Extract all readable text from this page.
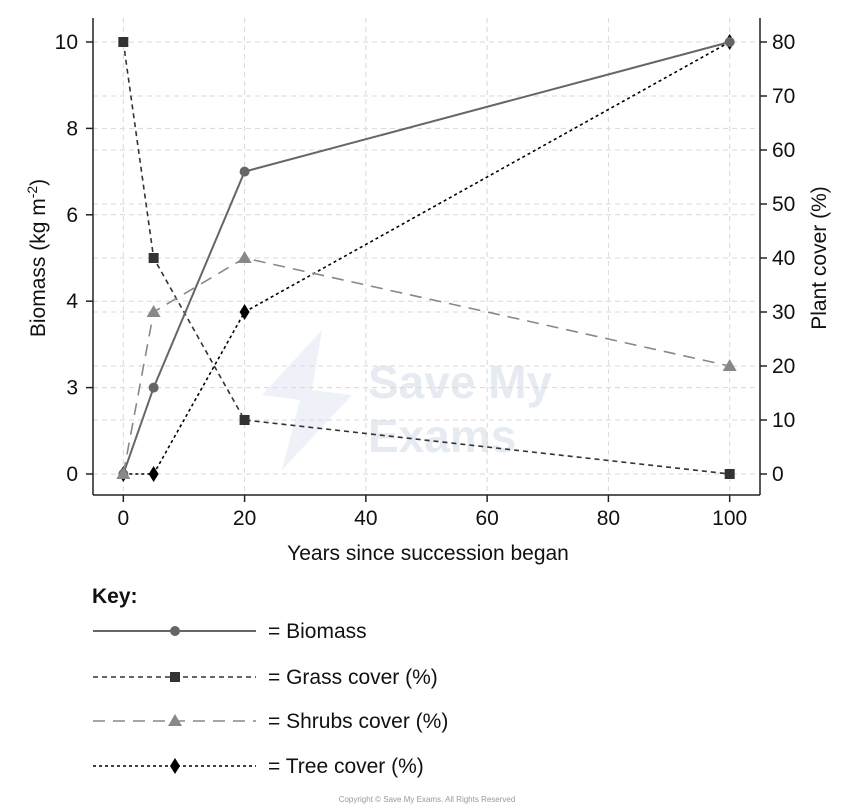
Save My
Exams
0	20	40	60	80	100
0
10
20
30
40
50
60
70
80
0
3
4
6
8
10
Years since succession began
Biomass (kg $m^{-2}$)
Plant cover (%)
Key:
= Biomass
= Grass cover (%)
= Shrubs cover (%)
= Tree cover (%)
Copyright © Save My Exams. All Rights Reserved
